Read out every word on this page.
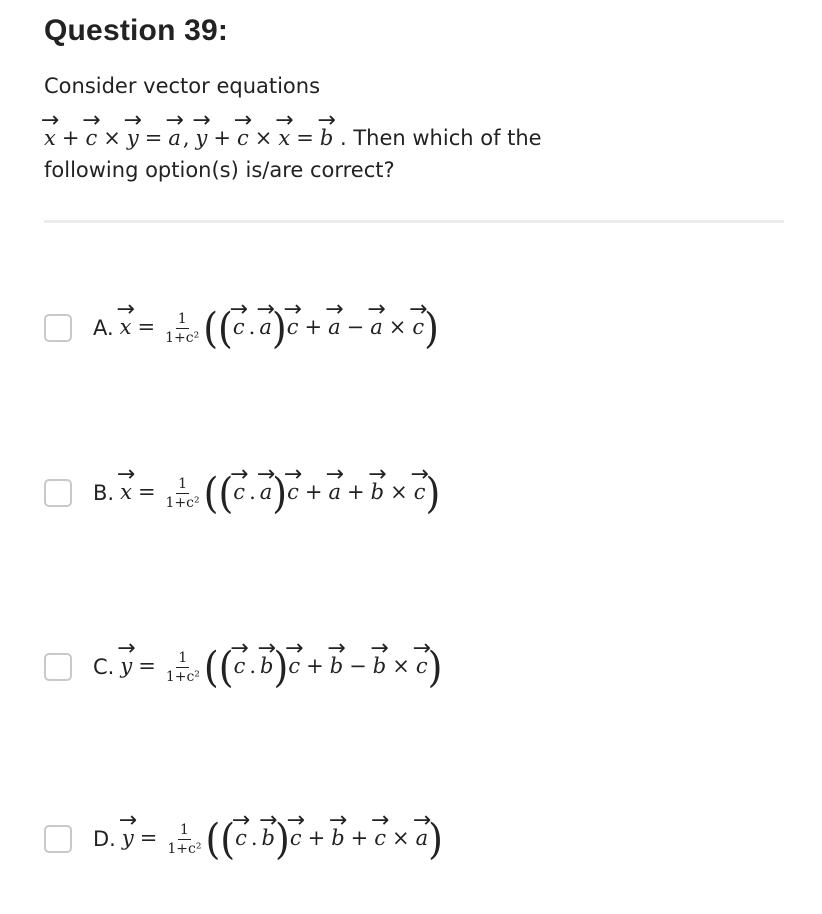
Question 39:
Consider vector equations
→ x + → c × → y = → a, → y + → c × → x = → b . Then which of the
following option(s) is/are correct?
A. → $x = \frac{1}{\text{1+c²}}$ ((→ c . → a)→ c + → a − → a × → c)
B. → $x = \frac{1}{\text{1+c²}}$ ((→ c . → a)→ c + → a + → b × → c)
C. → $y = \frac{1}{\text{1+c²}}$ ((→ c . → b)→ c + → b − → b × → c)
D. → $y = \frac{1}{\text{1+c²}}$ ((→ c . → b)→ c + → b + → c × → a)
